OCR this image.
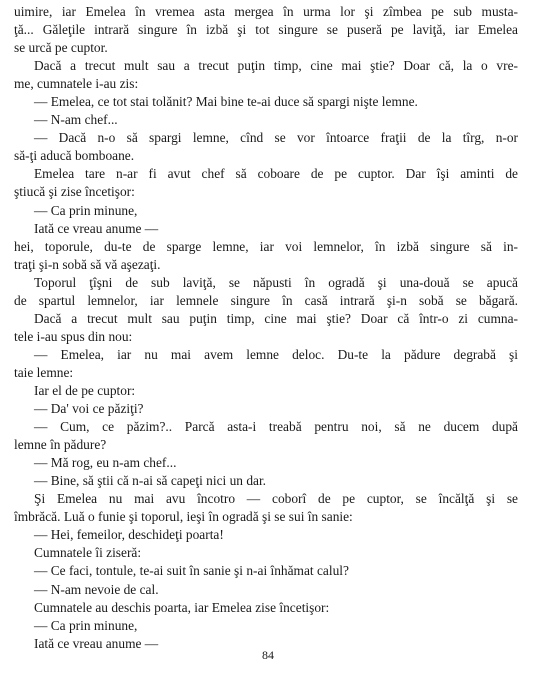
uimire, iar Emelea în vremea asta mergea în urma lor şi zîmbea pe sub musta-
ţă... Găleţile intrară singure în izbă şi tot singure se puseră pe laviţă, iar Emelea
se urcă pe cuptor.
Dacă a trecut mult sau a trecut puţin timp, cine mai ştie? Doar că, la o vre-
me, cumnatele i-au zis:
— Emelea, ce tot stai tolănit? Mai bine te-ai duce să spargi nişte lemne.
— N-am chef...
— Dacă n-o să spargi lemne, cînd se vor întoarce fraţii de la tîrg, n-or
să-ţi aducă bomboane.
Emelea tare n-ar fi avut chef să coboare de pe cuptor. Dar îşi aminti de
ştiucă şi zise încetişor:
— Ca prin minune,
Iată ce vreau anume —
hei, toporule, du-te de sparge lemne, iar voi lemnelor, în izbă singure să in-
traţi şi-n sobă să vă aşezaţi.
Toporul ţîşni de sub laviţă, se năpusti în ogradă şi una-două se apucă
de spartul lemnelor, iar lemnele singure în casă intrară şi-n sobă se băgară.
Dacă a trecut mult sau puţin timp, cine mai ştie? Doar că într-o zi cumna-
tele i-au spus din nou:
— Emelea, iar nu mai avem lemne deloc. Du-te la pădure degrabă şi
taie lemne:
Iar el de pe cuptor:
— Da' voi ce păziţi?
— Cum, ce păzim?.. Parcă asta-i treabă pentru noi, să ne ducem după
lemne în pădure?
— Mă rog, eu n-am chef...
— Bine, să ştii că n-ai să capeţi nici un dar.
Şi Emelea nu mai avu încotro — coborî de pe cuptor, se încălţă şi se
îmbrăcă. Luă o funie şi toporul, ieşi în ogradă şi se sui în sanie:
— Hei, femeilor, deschideţi poarta!
Cumnatele îi ziseră:
— Ce faci, tontule, te-ai suit în sanie şi n-ai înhămat calul?
— N-am nevoie de cal.
Cumnatele au deschis poarta, iar Emelea zise încetişor:
— Ca prin minune,
Iată ce vreau anume —
84
